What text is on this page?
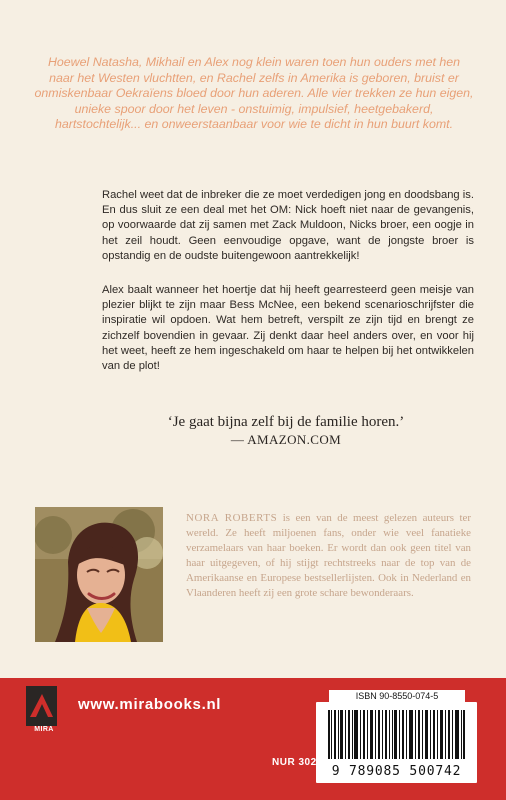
Hoewel Natasha, Mikhail en Alex nog klein waren toen hun ouders met hen naar het Westen vluchtten, en Rachel zelfs in Amerika is geboren, bruist er onmiskenbaar Oekraïens bloed door hun aderen. Alle vier trekken ze hun eigen, unieke spoor door het leven - onstuimig, impulsief, heetgebakerd, hartstochtelijk... en onweerstaanbaar voor wie te dicht in hun buurt komt.
Rachel weet dat de inbreker die ze moet verdedigen jong en doodsbang is. En dus sluit ze een deal met het OM: Nick hoeft niet naar de gevangenis, op voorwaarde dat zij samen met Zack Muldoon, Nicks broer, een oogje in het zeil houdt. Geen eenvoudige opgave, want de jongste broer is opstandig en de oudste buitengewoon aantrekkelijk!
Alex baalt wanneer het hoertje dat hij heeft gearresteerd geen meisje van plezier blijkt te zijn maar Bess McNee, een bekend scenarioschrijfster die inspiratie wil opdoen. Wat hem betreft, verspilt ze zijn tijd en brengt ze zichzelf bovendien in gevaar. Zij denkt daar heel anders over, en voor hij het weet, heeft ze hem ingeschakeld om haar te helpen bij het ontwikkelen van de plot!
‘Je gaat bijna zelf bij de familie horen.’
— AMAZON.COM
NORA ROBERTS is een van de meest gelezen auteurs ter wereld. Ze heeft miljoenen fans, onder wie veel fanatieke verzamelaars van haar boeken. Er wordt dan ook geen titel van haar uitgegeven, of hij stijgt rechtstreeks naar de top van de Amerikaanse en Europese bestsellerlijsten. Ook in Nederland en Vlaanderen heeft zij een grote schare bewonderaars.
MIRA
www.mirabooks.nl	ISBN 90-8550-074-5
9 789085 500742
NUR 302
